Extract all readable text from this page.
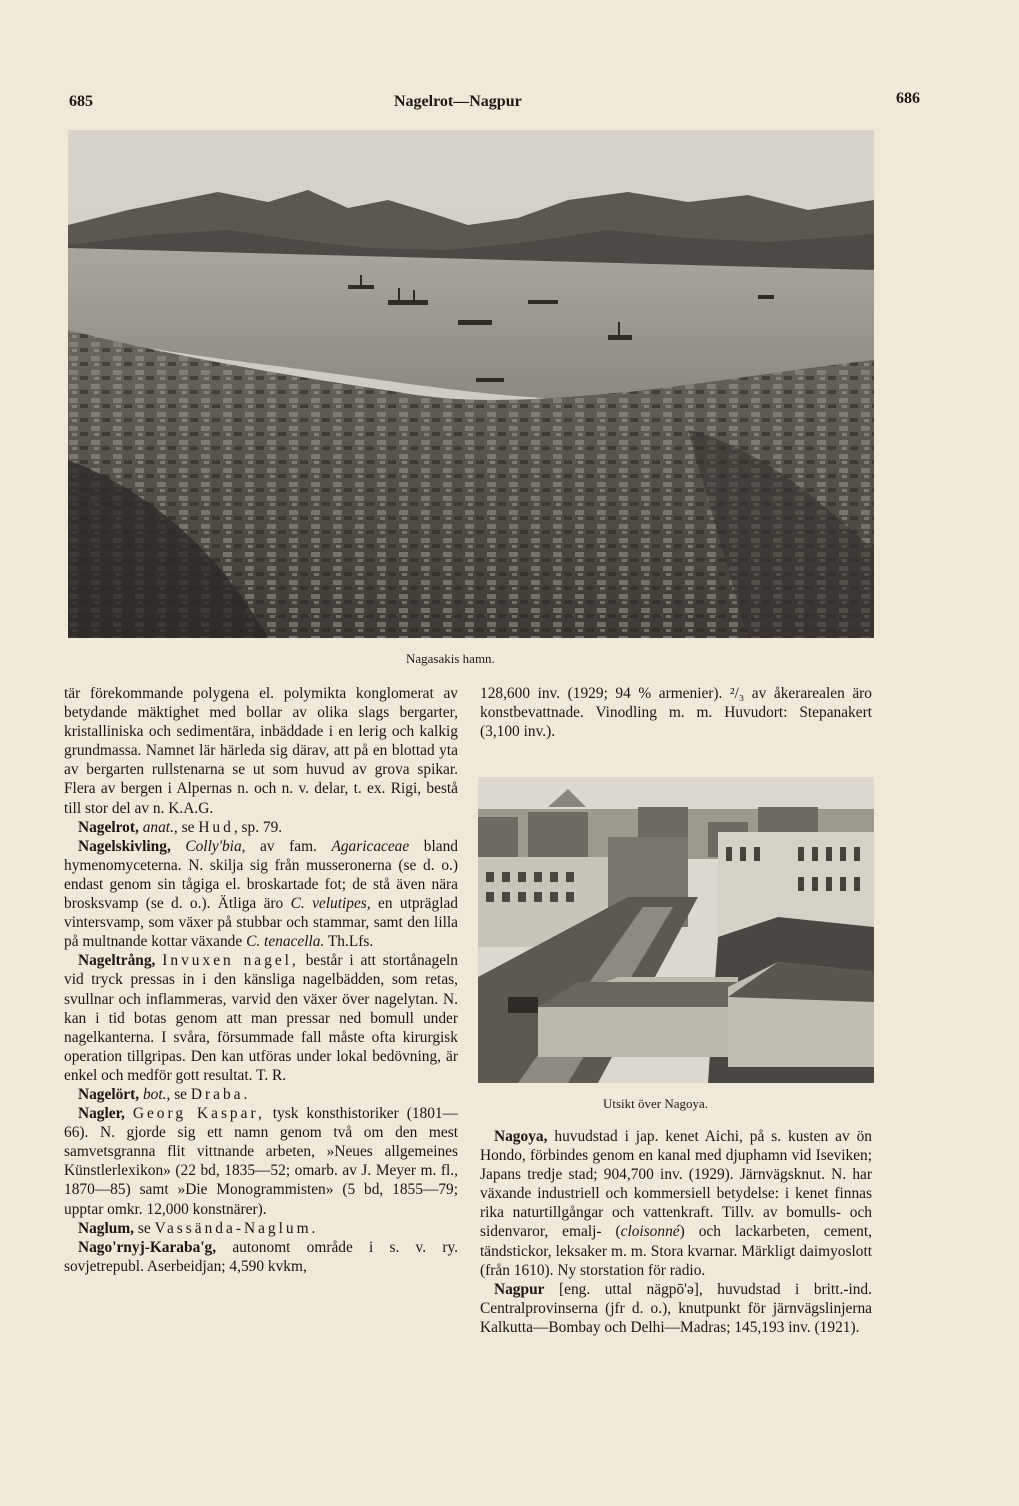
685	Nagelrot—Nagpur	686
Nagasakis hamn.

tär förekommande polygena el. polymikta konglomerat av betydande mäktighet med bollar av olika slags bergarter, kristalliniska och sedimentära, inbäddade i en lerig och kalkig grundmassa. Namnet lär härleda sig därav, att på en blottad yta av bergarten rullstenarna se ut som huvud av grova spikar. Flera av bergen i Alpernas n. och n. v. delar, t. ex. Rigi, bestå till stor del av n. K.A.G.

Nagelrot, anat., se Hud, sp. 79.

Nagelskivling, Colly'bia, av fam. Agaricaceae bland hymenomyceterna. N. skilja sig från musseronerna (se d. o.) endast genom sin tågiga el. broskartade fot; de stå även nära brosksvamp (se d. o.). Ätliga äro C. velutipes, en utpräglad vintersvamp, som växer på stubbar och stammar, samt den lilla på multnande kottar växande C. tenacella. Th.Lfs.

Nageltrång, Invuxen nagel, består i att stortånageln vid tryck pressas in i den känsliga nagelbädden, som retas, svullnar och inflammeras, varvid den växer över nagelytan. N. kan i tid botas genom att man pressar ned bomull under nagelkanterna. I svåra, försummade fall måste ofta kirurgisk operation tillgripas. Den kan utföras under lokal bedövning, är enkel och medför gott resultat. T. R.

Nagelört, bot., se Draba.

Nagler, Georg Kaspar, tysk konsthistoriker (1801—66). N. gjorde sig ett namn genom två om den mest samvetsgranna flit vittnande arbeten, »Neues allgemeines Künstlerlexikon» (22 bd, 1835—52; omarb. av J. Meyer m. fl., 1870—85) samt »Die Monogrammisten» (5 bd, 1855—79; upptar omkr. 12,000 konstnärer).

Naglum, se Vassända-Naglum.

Nago'rnyj-Karaba'g, autonomt område i s. v. ry. sovjetrepubl. Aserbeidjan; 4,590 kvkm,

128,600 inv. (1929; 94 % armenier). ²/₃ av åkerarealen äro konstbevattnade. Vinodling m. m. Huvudort: Stepanakert (3,100 inv.).

Utsikt över Nagoya.

Nagoya, huvudstad i jap. kenet Aichi, på s. kusten av ön Hondo, förbindes genom en kanal med djuphamn vid Iseviken; Japans tredje stad; 904,700 inv. (1929). Järnvägsknut. N. har växande industriell och kommersiell betydelse: i kenet finnas rika naturtillgångar och vattenkraft. Tillv. av bomulls- och sidenvaror, emalj- (cloisonné) och lackarbeten, cement, tändstickor, leksaker m. m. Stora kvarnar. Märkligt daimyoslott (från 1610). Ny storstation för radio.

Nagpur [eng. uttal nägpō'ə], huvudstad i britt.-ind. Centralprovinserna (jfr d. o.), knutpunkt för järnvägslinjerna Kalkutta—Bombay och Delhi—Madras; 145,193 inv. (1921).
